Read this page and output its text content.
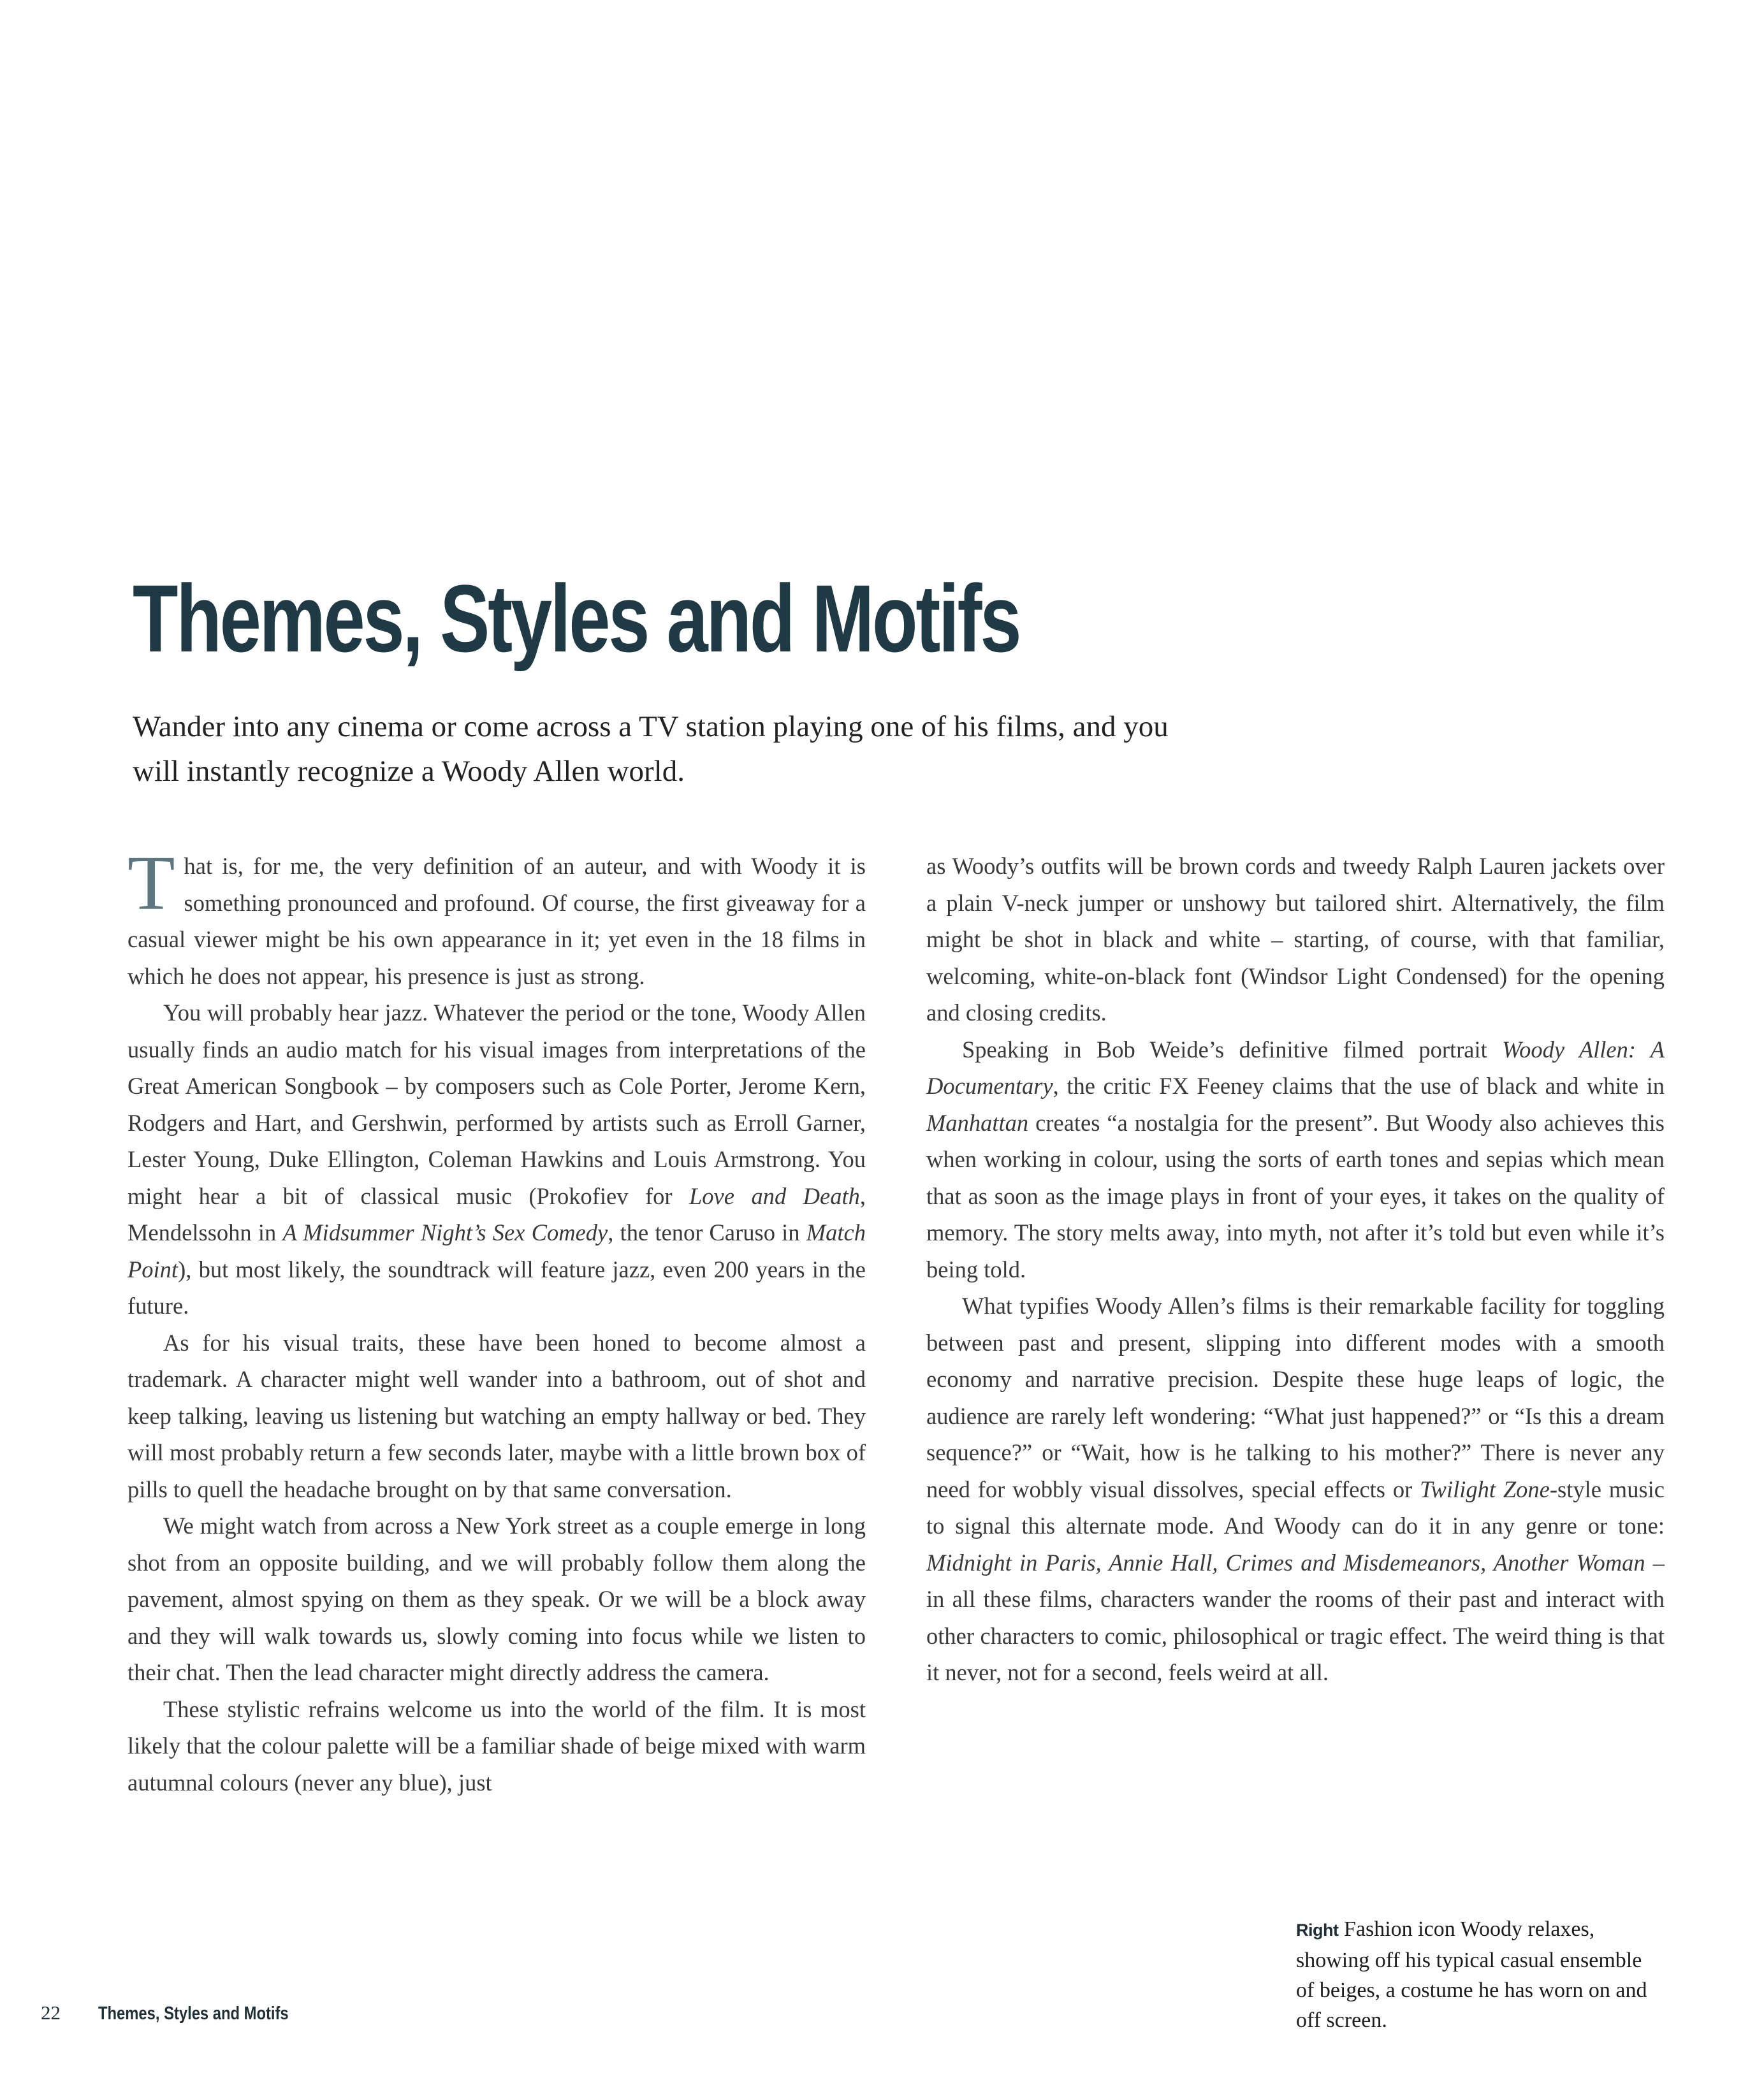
Themes, Styles and Motifs

Wander into any cinema or come across a TV station playing one of his films, and you will instantly recognize a Woody Allen world.

That is, for me, the very definition of an auteur, and with Woody it is something pronounced and profound. Of course, the first giveaway for a casual viewer might be his own appearance in it; yet even in the 18 films in which he does not appear, his presence is just as strong.

You will probably hear jazz. Whatever the period or the tone, Woody Allen usually finds an audio match for his visual images from interpretations of the Great American Songbook – by composers such as Cole Porter, Jerome Kern, Rodgers and Hart, and Gershwin, performed by artists such as Erroll Garner, Lester Young, Duke Ellington, Coleman Hawkins and Louis Armstrong. You might hear a bit of classical music (Prokofiev for Love and Death, Mendelssohn in A Midsummer Night’s Sex Comedy, the tenor Caruso in Match Point), but most likely, the soundtrack will feature jazz, even 200 years in the future.

As for his visual traits, these have been honed to become almost a trademark. A character might well wander into a bathroom, out of shot and keep talking, leaving us listening but watching an empty hallway or bed. They will most probably return a few seconds later, maybe with a little brown box of pills to quell the headache brought on by that same conversation.

We might watch from across a New York street as a couple emerge in long shot from an opposite building, and we will probably follow them along the pavement, almost spying on them as they speak. Or we will be a block away and they will walk towards us, slowly coming into focus while we listen to their chat. Then the lead character might directly address the camera.

These stylistic refrains welcome us into the world of the film. It is most likely that the colour palette will be a familiar shade of beige mixed with warm autumnal colours (never any blue), just

as Woody’s outfits will be brown cords and tweedy Ralph Lauren jackets over a plain V-neck jumper or unshowy but tailored shirt. Alternatively, the film might be shot in black and white – starting, of course, with that familiar, welcoming, white-on-black font (Windsor Light Condensed) for the opening and closing credits.

Speaking in Bob Weide’s definitive filmed portrait Woody Allen: A Documentary, the critic FX Feeney claims that the use of black and white in Manhattan creates “a nostalgia for the present”. But Woody also achieves this when working in colour, using the sorts of earth tones and sepias which mean that as soon as the image plays in front of your eyes, it takes on the quality of memory. The story melts away, into myth, not after it’s told but even while it’s being told.

What typifies Woody Allen’s films is their remarkable facility for toggling between past and present, slipping into different modes with a smooth economy and narrative precision. Despite these huge leaps of logic, the audience are rarely left wondering: “What just happened?” or “Is this a dream sequence?” or “Wait, how is he talking to his mother?” There is never any need for wobbly visual dissolves, special effects or Twilight Zone-style music to signal this alternate mode. And Woody can do it in any genre or tone: Midnight in Paris, Annie Hall, Crimes and Misdemeanors, Another Woman – in all these films, characters wander the rooms of their past and interact with other characters to comic, philosophical or tragic effect. The weird thing is that it never, not for a second, feels weird at all.

Right Fashion icon Woody relaxes, showing off his typical casual ensemble of beiges, a costume he has worn on and off screen.

22 Themes, Styles and Motifs
